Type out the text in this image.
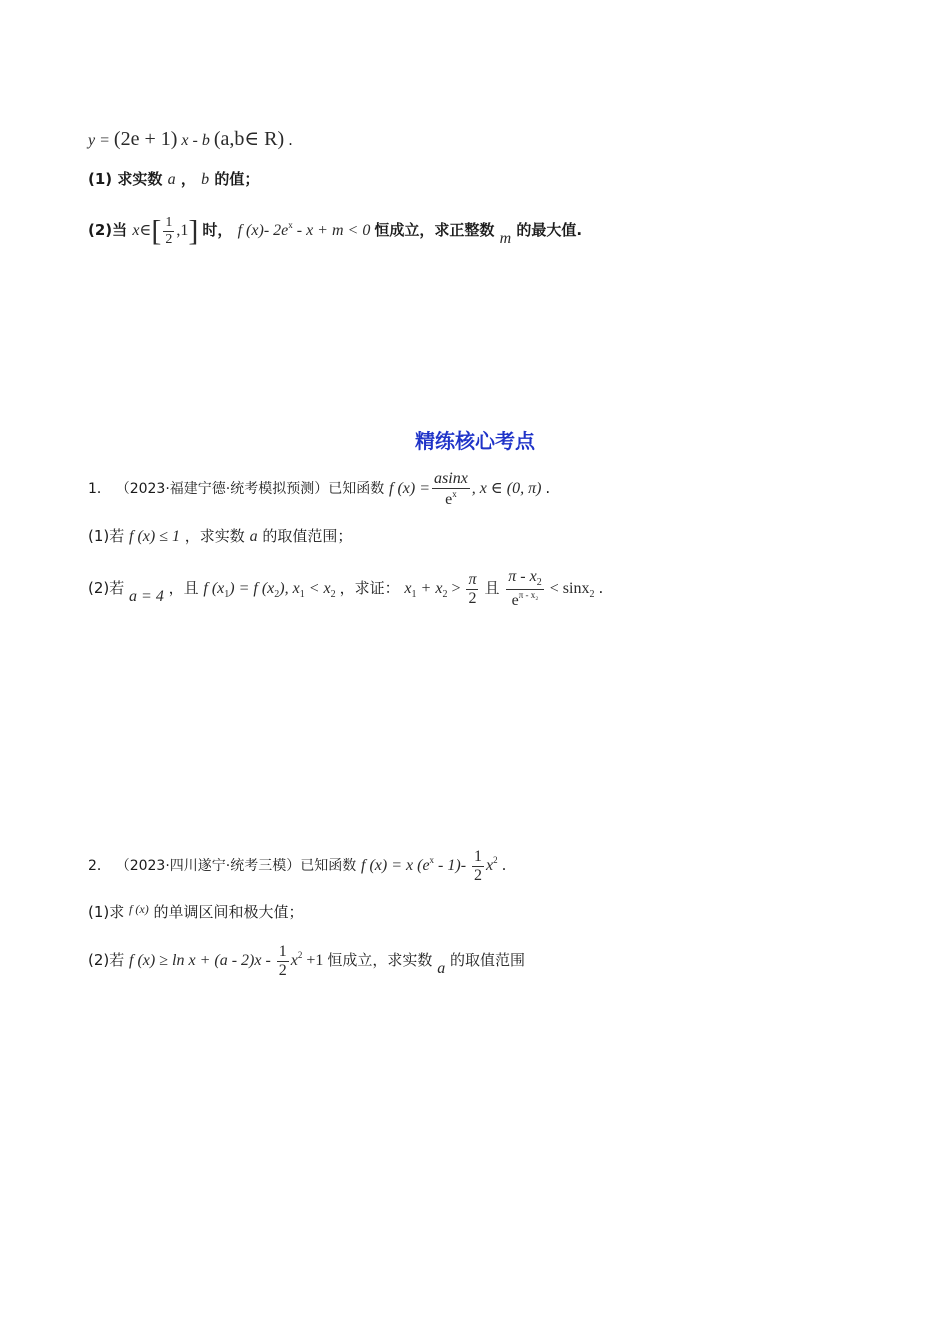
y = (2e + 1) x - b (a,b∈ R) .
(1) 求实数 a ， b 的值；
(2)当 x∈[ $\frac{1}{2} ,1$] 时， f (x)- $2e^x - x + m < 0$ 恒成立，求正整数 m 的最大值.
精练核心考点
1． （2023·福建宁德·统考模拟预测）已知函数 f $(x) = \frac{asinx}{e^x}$ , x ∈ (0, π) .
(1)若 f (x) ≤ 1 ，求实数 a 的取值范围；
(2)若 a = 4 ，且 f $(x_1) = f$ $(x_2)$, $x_1 < x_2$ ，求证： $x_1 + x_2 > \frac{\pi}{2}$ 且 $\frac{\pi - x_2}{e^{\pi - x_2}} < \sin x_2$ .
2． （2023·四川遂宁·统考三模）已知函数 f (x) = x $(e^x - 1)- \frac{1}{2} x^2$ .
(1)求 $^{f (x)}$ 的单调区间和极大值；
(2)若 f $(x) \ge \ln x + (a - 2)x - \frac{1}{2} x^2 +1$ 恒成立，求实数 a 的取值范围
